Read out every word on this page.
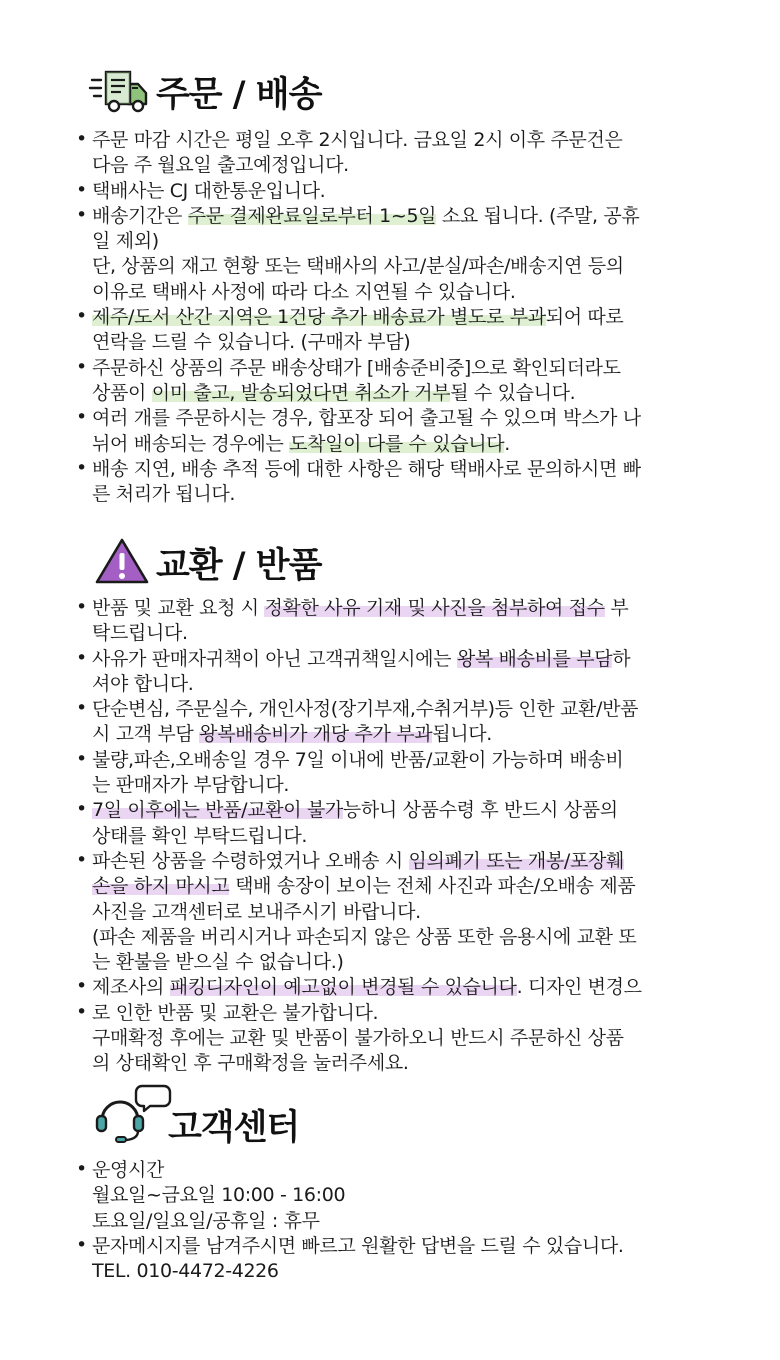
주문 / 배송
• 주문 마감 시간은 평일 오후 2시입니다. 금요일 2시 이후 주문건은
다음 주 월요일 출고예정입니다.
• 택배사는 CJ 대한통운입니다.
• 배송기간은 주문 결제완료일로부터 1~5일 소요 됩니다. (주말, 공휴
일 제외)
단, 상품의 재고 현황 또는 택배사의 사고/분실/파손/배송지연 등의
이유로 택배사 사정에 따라 다소 지연될 수 있습니다.
• 제주/도서 산간 지역은 1건당 추가 배송료가 별도로 부과되어 따로
연락을 드릴 수 있습니다. (구매자 부담)
• 주문하신 상품의 주문 배송상태가 [배송준비중]으로 확인되더라도
상품이 이미 출고, 발송되었다면 취소가 거부될 수 있습니다.
• 여러 개를 주문하시는 경우, 합포장 되어 출고될 수 있으며 박스가 나
뉘어 배송되는 경우에는 도착일이 다를 수 있습니다.
• 배송 지연, 배송 추적 등에 대한 사항은 해당 택배사로 문의하시면 빠
른 처리가 됩니다.
교환 / 반품
• 반품 및 교환 요청 시 정확한 사유 기재 및 사진을 첨부하여 접수 부
탁드립니다.
• 사유가 판매자귀책이 아닌 고객귀책일시에는 왕복 배송비를 부담하
셔야 합니다.
• 단순변심, 주문실수, 개인사정(장기부재,수취거부)등 인한 교환/반품
시 고객 부담 왕복배송비가 개당 추가 부과됩니다.
• 불량,파손,오배송일 경우 7일 이내에 반품/교환이 가능하며 배송비
는 판매자가 부담합니다.
• 7일 이후에는 반품/교환이 불가능하니 상품수령 후 반드시 상품의
상태를 확인 부탁드립니다.
• 파손된 상품을 수령하였거나 오배송 시 임의폐기 또는 개봉/포장훼
손을 하지 마시고 택배 송장이 보이는 전체 사진과 파손/오배송 제품
사진을 고객센터로 보내주시기 바랍니다.
(파손 제품을 버리시거나 파손되지 않은 상품 또한 음용시에 교환 또
는 환불을 받으실 수 없습니다.)
• 제조사의 패킹디자인이 예고없이 변경될 수 있습니다. 디자인 변경으
• 로 인한 반품 및 교환은 불가합니다.
구매확정 후에는 교환 및 반품이 불가하오니 반드시 주문하신 상품
의 상태확인 후 구매확정을 눌러주세요.
고객센터
• 운영시간
월요일~금요일 10:00 - 16:00
토요일/일요일/공휴일 : 휴무
• 문자메시지를 남겨주시면 빠르고 원활한 답변을 드릴 수 있습니다.
TEL. 010-4472-4226
